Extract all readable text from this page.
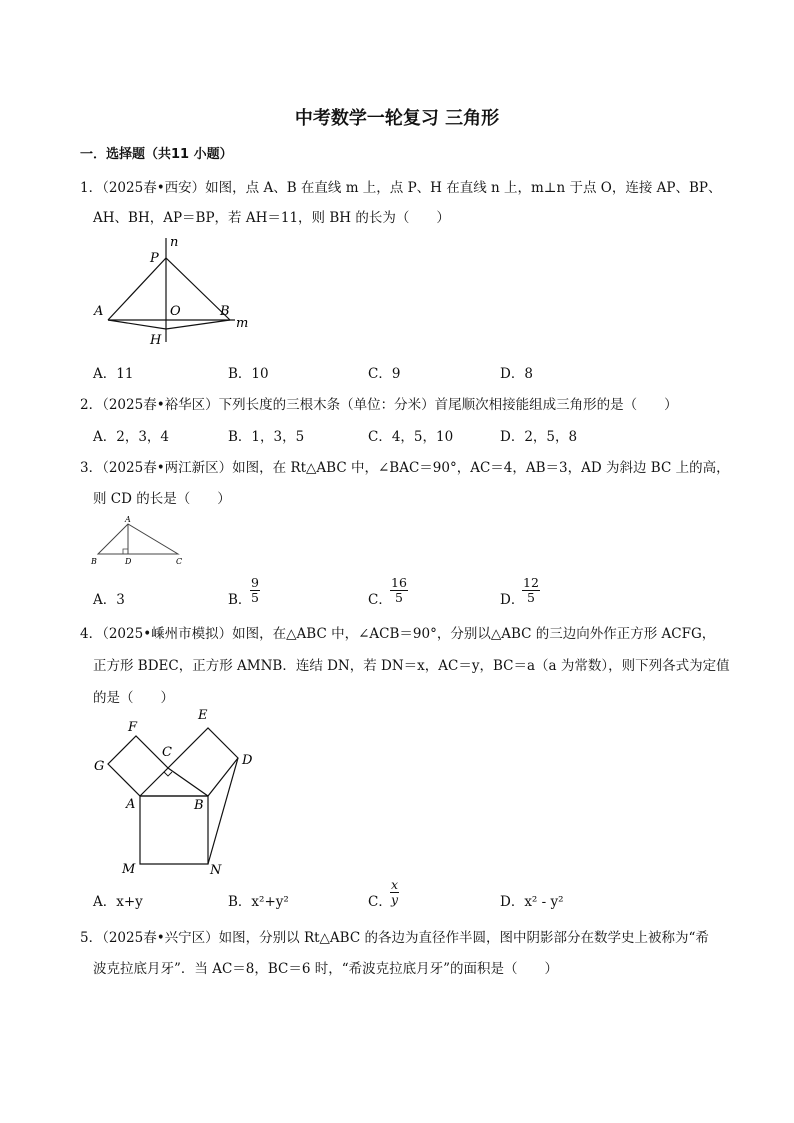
中考数学一轮复习 三角形
一．选择题（共11 小题）
1．（2025春•西安）如图，点 A、B 在直线 m 上，点 P、H 在直线 n 上，m⊥n 于点 O，连接 AP、BP、
AH、BH，AP＝BP，若 AH＝11，则 BH 的长为（　　）
n
P
A	O	B
m
H
A．11	B．10	C．9	D．8
2．（2025春•裕华区）下列长度的三根木条（单位：分米）首尾顺次相接能组成三角形的是（　　）
A．2，3，4	B．1，3，5	C．4，5，10	D．2，5，8
3．（2025春•两江新区）如图，在 Rt△ABC 中，∠BAC＝90°，AC＝4，AB＝3，AD 为斜边 BC 上的高，
则 CD 的长是（　　）
A
B	D	C
A．3	B．
$\frac{9}{5}$	C．
$\frac{16}{5}$	D．
$\frac{12}{5}$
4．（2025•嵊州市模拟）如图，在△ABC 中，∠ACB＝90°，分别以△ABC 的三边向外作正方形 ACFG，
正方形 BDEC，正方形 AMNB．连结 DN，若 DN＝x，AC＝y，BC＝a（a 为常数），则下列各式为定值
的是（　　）
F
E
C
G	D
A	B
M	N
A．x+y	B．x²+y²	C．
$\frac{x}{y}$	D．x² - y²
5．（2025春•兴宁区）如图，分别以 Rt△ABC 的各边为直径作半圆，图中阴影部分在数学史上被称为“希
波克拉底月牙”．当 AC＝8，BC＝6 时，“希波克拉底月牙”的面积是（　　）
